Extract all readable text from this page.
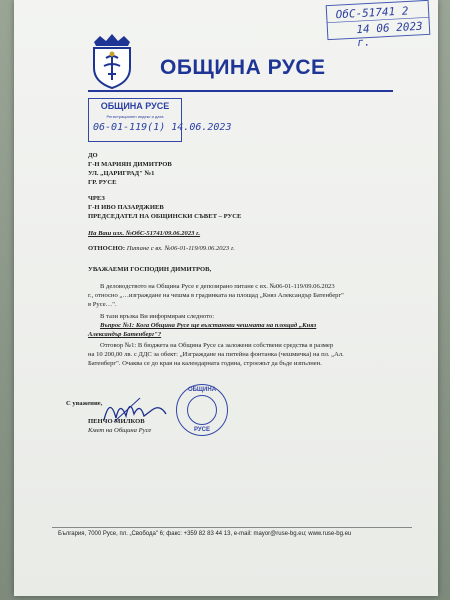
ОбС-51741 2
14 06 2023 г.
ОБЩИНА РУСЕ
ОБЩИНА РУСЕ
Регистрационен индекс и дата
06-01-119(1) 14.06.2023
ДО
Г-Н МАРИЯН ДИМИТРОВ
УЛ. „ЦАРИГРАД" №1
ГР. РУСЕ
ЧРЕЗ
Г-Н ИВО ПАЗАРДЖИЕВ
ПРЕДСЕДАТЕЛ НА ОБЩИНСКИ СЪВЕТ – РУСЕ
На Ваш изх. №ОбС-51741/09.06.2023 г.
ОТНОСНО: Питане с вх. №06-01-119/09.06.2023 г.
УВАЖАЕМИ ГОСПОДИН ДИМИТРОВ,
В деловодството на Община Русе е депозирано питане с вх. №06-01-119/09.06.2023
г., относно „…изграждане на чешма в градинката на площад „Княз Александър Батенберг"
в Русе…".
В тази връзка Ви информирам следното:
Въпрос №1: Кога Община Русе ще възстанови чешмата на площад „Княз
Александър Батенберг"?
Отговор №1: В бюджета на Община Русе са заложени собствени средства в размер
на 10 200,00 лв. с ДДС за обект: „Изграждане на питейна фонтанка (чешмичка) на пл. „Ал.
Батенберг". Очаква се до края на календарната година, строежът да бъде изпълнен.
С уважение,
ОБЩИНА
РУСЕ
ПЕНЧО МИЛКОВ
Кмет на Община Русе
България, 7000 Русе, пл. „Свобода" 6; факс: +359 82 83 44 13, e-mail: mayor@ruse-bg.eu; www.ruse-bg.eu
